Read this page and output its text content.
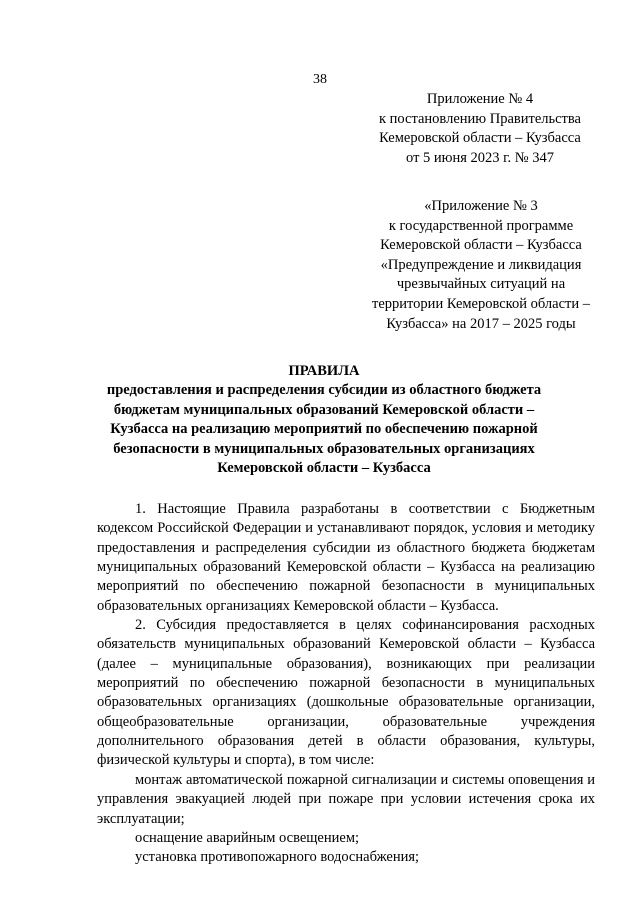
38
Приложение № 4
к постановлению Правительства
Кемеровской области – Кузбасса
от 5 июня 2023 г. № 347
«Приложение № 3
к государственной программе
Кемеровской области – Кузбасса
«Предупреждение и ликвидация
чрезвычайных ситуаций на
территории Кемеровской области –
Кузбасса» на 2017 – 2025 годы
ПРАВИЛА
предоставления и распределения субсидии из областного бюджета
бюджетам муниципальных образований Кемеровской области –
Кузбасса на реализацию мероприятий по обеспечению пожарной
безопасности в муниципальных образовательных организациях
Кемеровской области – Кузбасса

1. Настоящие Правила разработаны в соответствии с Бюджетным кодексом Российской Федерации и устанавливают порядок, условия и методику предоставления и распределения субсидии из областного бюджета бюджетам муниципальных образований Кемеровской области – Кузбасса на реализацию мероприятий по обеспечению пожарной безопасности в муниципальных образовательных организациях Кемеровской области – Кузбасса.

2. Субсидия предоставляется в целях софинансирования расходных обязательств муниципальных образований Кемеровской области – Кузбасса (далее – муниципальные образования), возникающих при реализации мероприятий по обеспечению пожарной безопасности в муниципальных образовательных организациях (дошкольные образовательные организации, общеобразовательные организации, образовательные учреждения дополнительного образования детей в области образования, культуры, физической культуры и спорта), в том числе:

монтаж автоматической пожарной сигнализации и системы оповещения и управления эвакуацией людей при пожаре при условии истечения срока их эксплуатации;

оснащение аварийным освещением;

установка противопожарного водоснабжения;
